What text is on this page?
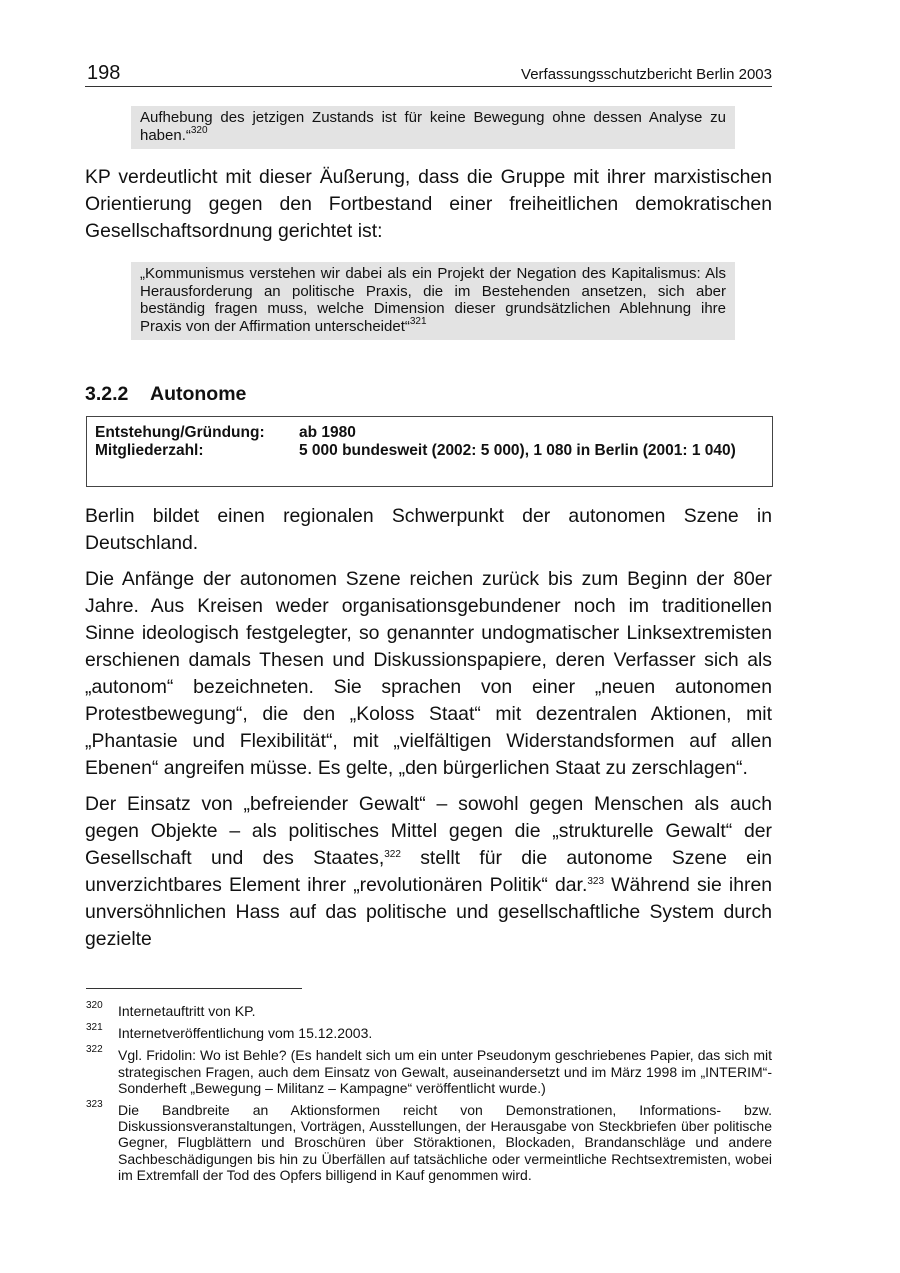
198	Verfassungsschutzbericht Berlin 2003

Aufhebung des jetzigen Zustands ist für keine Bewegung ohne dessen Analyse zu haben.“$^{320}$

KP verdeutlicht mit dieser Äußerung, dass die Gruppe mit ihrer marxistischen Orientierung gegen den Fortbestand einer freiheitlichen demokratischen Gesellschaftsordnung gerichtet ist:

„Kommunismus verstehen wir dabei als ein Projekt der Negation des Kapitalismus: Als Herausforderung an politische Praxis, die im Bestehenden ansetzen, sich aber beständig fragen muss, welche Dimension dieser grundsätzlichen Ablehnung ihre Praxis von der Affirmation unterscheidet“$^{321}$

3.2.2 Autonome
Entstehung/Gründung:	ab 1980
Mitgliederzahl:	5 000 bundesweit (2002: 5 000), 1 080 in Berlin (2001: 1 040)

Berlin bildet einen regionalen Schwerpunkt der autonomen Szene in Deutschland.

Die Anfänge der autonomen Szene reichen zurück bis zum Beginn der 80er Jahre. Aus Kreisen weder organisationsgebundener noch im traditionellen Sinne ideologisch festgelegter, so genannter undogmatischer Linksextremisten erschienen damals Thesen und Diskussionspapiere, deren Verfasser sich als „autonom“ bezeichneten. Sie sprachen von einer „neuen autonomen Protestbewegung“, die den „Koloss Staat“ mit dezentralen Aktionen, mit „Phantasie und Flexibilität“, mit „vielfältigen Widerstandsformen auf allen Ebenen“ angreifen müsse. Es gelte, „den bürgerlichen Staat zu zerschlagen“.

Der Einsatz von „befreiender Gewalt“ – sowohl gegen Menschen als auch gegen Objekte – als politisches Mittel gegen die „strukturelle Gewalt“ der Gesellschaft und des Staates,$^{322}$ stellt für die autonome Szene ein unverzichtbares Element ihrer „revolutionären Politik“ dar.$^{323}$ Während sie ihren unversöhnlichen Hass auf das politische und gesellschaftliche System durch gezielte

320	Internetauftritt von KP.
321	Internetveröffentlichung vom 15.12.2003.
322	Vgl. Fridolin: Wo ist Behle? (Es handelt sich um ein unter Pseudonym geschriebenes Papier, das sich mit strategischen Fragen, auch dem Einsatz von Gewalt, auseinandersetzt und im März 1998 im „INTERIM“-Sonderheft „Bewegung – Militanz – Kampagne“ veröffentlicht wurde.)
323	Die Bandbreite an Aktionsformen reicht von Demonstrationen, Informations- bzw. Diskussionsveranstaltungen, Vorträgen, Ausstellungen, der Herausgabe von Steckbriefen über politische Gegner, Flugblättern und Broschüren über Störaktionen, Blockaden, Brandanschläge und andere Sachbeschädigungen bis hin zu Überfällen auf tatsächliche oder vermeintliche Rechtsextremisten, wobei im Extremfall der Tod des Opfers billigend in Kauf genommen wird.
